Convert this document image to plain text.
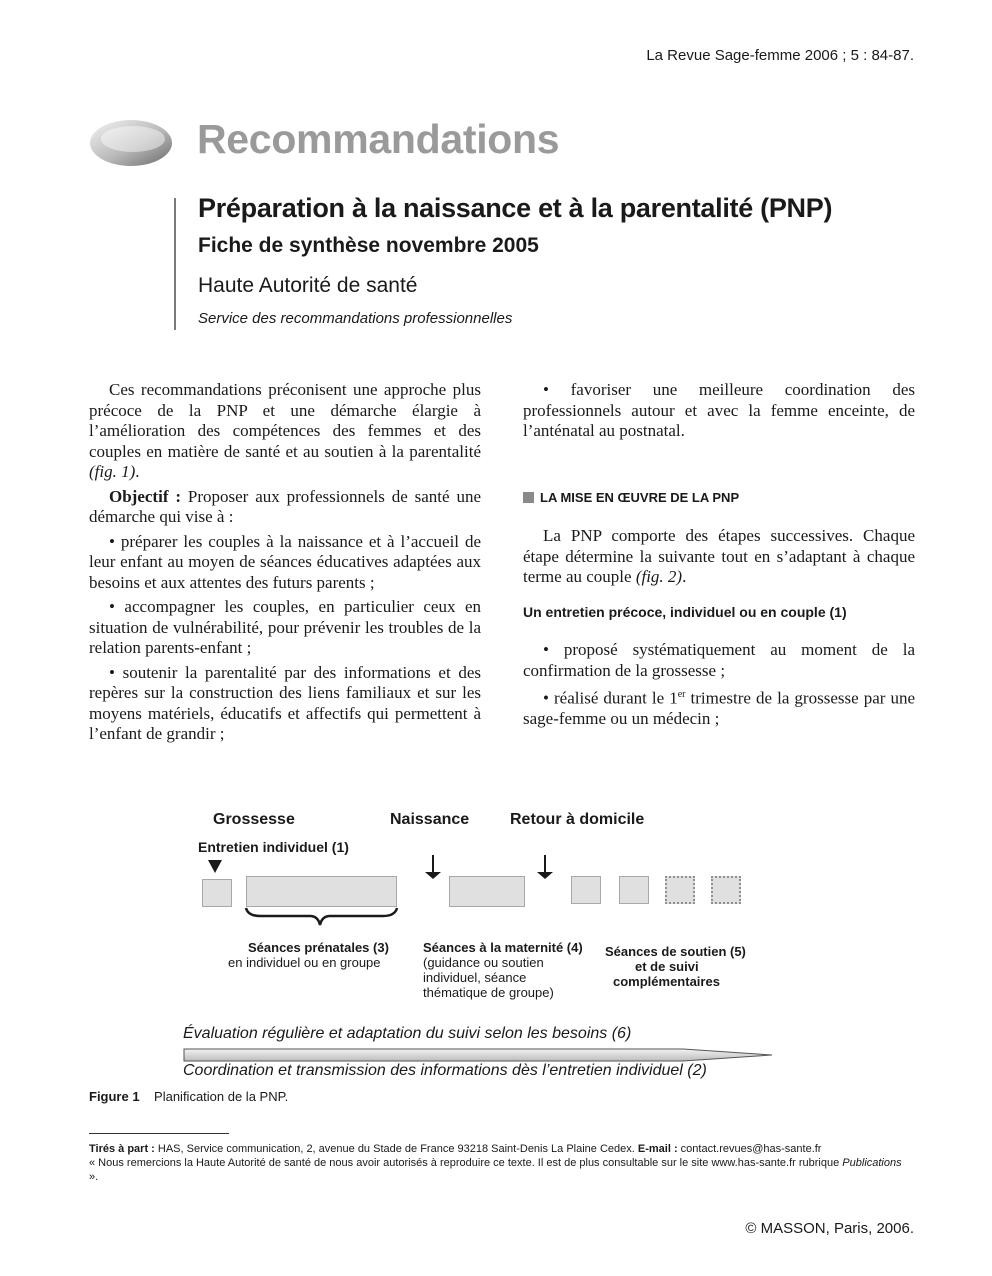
La Revue Sage-femme 2006 ; 5 : 84-87.
Recommandations
Préparation à la naissance et à la parentalité (PNP)
Fiche de synthèse novembre 2005
Haute Autorité de santé
Service des recommandations professionnelles

Ces recommandations préconisent une approche plus précoce de la PNP et une démarche élargie à l’amélioration des compétences des femmes et des couples en matière de santé et au soutien à la parentalité (fig. 1).

Objectif : Proposer aux professionnels de santé une démarche qui vise à :

• préparer les couples à la naissance et à l’accueil de leur enfant au moyen de séances éducatives adaptées aux besoins et aux attentes des futurs parents ;

• accompagner les couples, en particulier ceux en situation de vulnérabilité, pour prévenir les troubles de la relation parents-enfant ;

• soutenir la parentalité par des informations et des repères sur la construction des liens familiaux et sur les moyens matériels, éducatifs et affectifs qui permettent à l’enfant de grandir ;

• favoriser une meilleure coordination des professionnels autour et avec la femme enceinte, de l’anténatal au postnatal.

LA MISE EN ŒUVRE DE LA PNP

La PNP comporte des étapes successives. Chaque étape détermine la suivante tout en s’adaptant à chaque terme au couple (fig. 2).

Un entretien précoce, individuel ou en couple (1)

• proposé systématiquement au moment de la confirmation de la grossesse ;

• réalisé durant le 1er trimestre de la grossesse par une sage-femme ou un médecin ;

Grossesse	Naissance	Retour à domicile
Entretien individuel (1)
Séances prénatales (3)
en individuel ou en groupe
Séances à la maternité (4)
(guidance ou soutien
individuel, séance
thématique de groupe)
Séances de soutien (5)
et de suivi
complémentaires
Évaluation régulière et adaptation du suivi selon les besoins (6)
Coordination et transmission des informations dès l’entretien individuel (2)
Figure 1 Planification de la PNP.

Tirés à part : HAS, Service communication, 2, avenue du Stade de France 93218 Saint-Denis La Plaine Cedex. E-mail : contact.revues@has-sante.fr

« Nous remercions la Haute Autorité de santé de nous avoir autorisés à reproduire ce texte. Il est de plus consultable sur le site www.has-sante.fr rubrique Publications ».

© MASSON, Paris, 2006.
